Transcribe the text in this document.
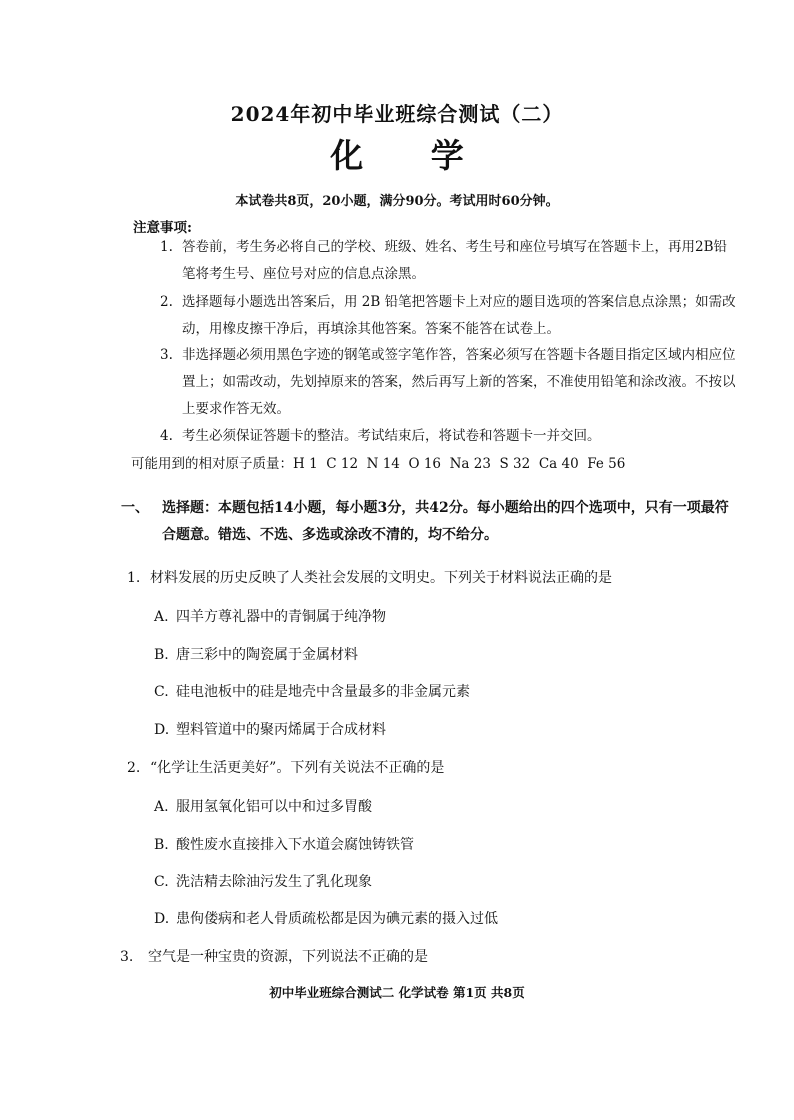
2024年初中毕业班综合测试（二）
化 学
本试卷共8页，20小题，满分90分。考试用时60分钟。
注意事项:
1. 答卷前，考生务必将自己的学校、班级、姓名、考生号和座位号填写在答题卡上，再用2B铅笔将考生号、座位号对应的信息点涂黑。
2. 选择题每小题选出答案后，用 2B 铅笔把答题卡上对应的题目选项的答案信息点涂黑；如需改动，用橡皮擦干净后，再填涂其他答案。答案不能答在试卷上。
3. 非选择题必须用黑色字迹的钢笔或签字笔作答，答案必须写在答题卡各题目指定区域内相应位置上；如需改动，先划掉原来的答案，然后再写上新的答案，不准使用铅笔和涂改液。不按以上要求作答无效。
4. 考生必须保证答题卡的整洁。考试结束后，将试卷和答题卡一并交回。
可能用到的相对原子质量：H 1  C 12  N 14  O 16  Na 23  S 32  Ca 40  Fe 56
一、 选择题：本题包括14小题，每小题3分，共42分。每小题给出的四个选项中，只有一项最符合题意。错选、不选、多选或涂改不清的，均不给分。
1. 材料发展的历史反映了人类社会发展的文明史。下列关于材料说法正确的是
A. 四羊方尊礼器中的青铜属于纯净物
B. 唐三彩中的陶瓷属于金属材料
C. 硅电池板中的硅是地壳中含量最多的非金属元素
D. 塑料管道中的聚丙烯属于合成材料
2. “化学让生活更美好”。下列有关说法不正确的是
A. 服用氢氧化铝可以中和过多胃酸
B. 酸性废水直接排入下水道会腐蚀铸铁管
C. 洗洁精去除油污发生了乳化现象
D. 患佝偻病和老人骨质疏松都是因为碘元素的摄入过低
3. 空气是一种宝贵的资源，下列说法不正确的是
初中毕业班综合测试二 化学试卷 第1页 共8页
